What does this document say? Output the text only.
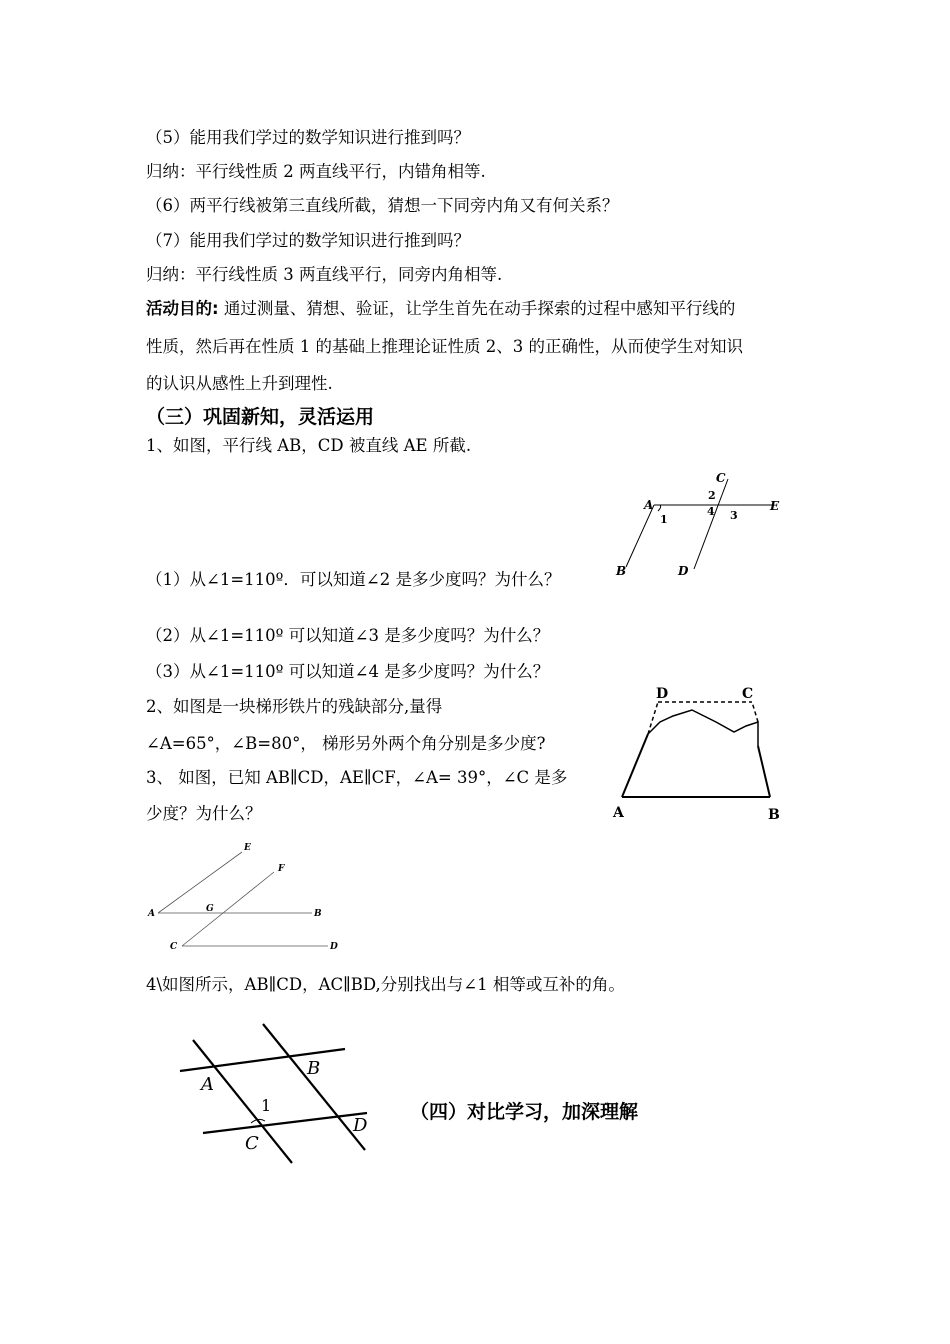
（5）能用我们学过的数学知识进行推到吗？
归纳：平行线性质 2 两直线平行，内错角相等.
（6）两平行线被第三直线所截，猜想一下同旁内角又有何关系？
（7）能用我们学过的数学知识进行推到吗？
归纳：平行线性质 3 两直线平行，同旁内角相等.
活动目的: 通过测量、猜想、验证，让学生首先在动手探索的过程中感知平行线的
性质，然后再在性质 1 的基础上推理论证性质 2、3 的正确性，从而使学生对知识
的认识从感性上升到理性.
（三）巩固新知，灵活运用
1、如图，平行线 AB，CD 被直线 AE 所截.
（1）从∠1=110º．可以知道∠2 是多少度吗？为什么？
（2）从∠1=110º 可以知道∠3 是多少度吗？为什么？
（3）从∠1=110º 可以知道∠4 是多少度吗？为什么？
2、如图是一块梯形铁片的残缺部分,量得
∠A=65°，∠B=80°， 梯形另外两个角分别是多少度?
3、 如图，已知 AB∥CD，AE∥CF，∠A= 39°，∠C 是多
少度？为什么？
4\如图所示，AB∥CD，AC∥BD,分别找出与∠1 相等或互补的角。
（四）对比学习，加深理解
A
B
C
D
E
1
2
3
4
A	B
C
D
A	B
C	D
E
F
G
A
B
C
D
1
